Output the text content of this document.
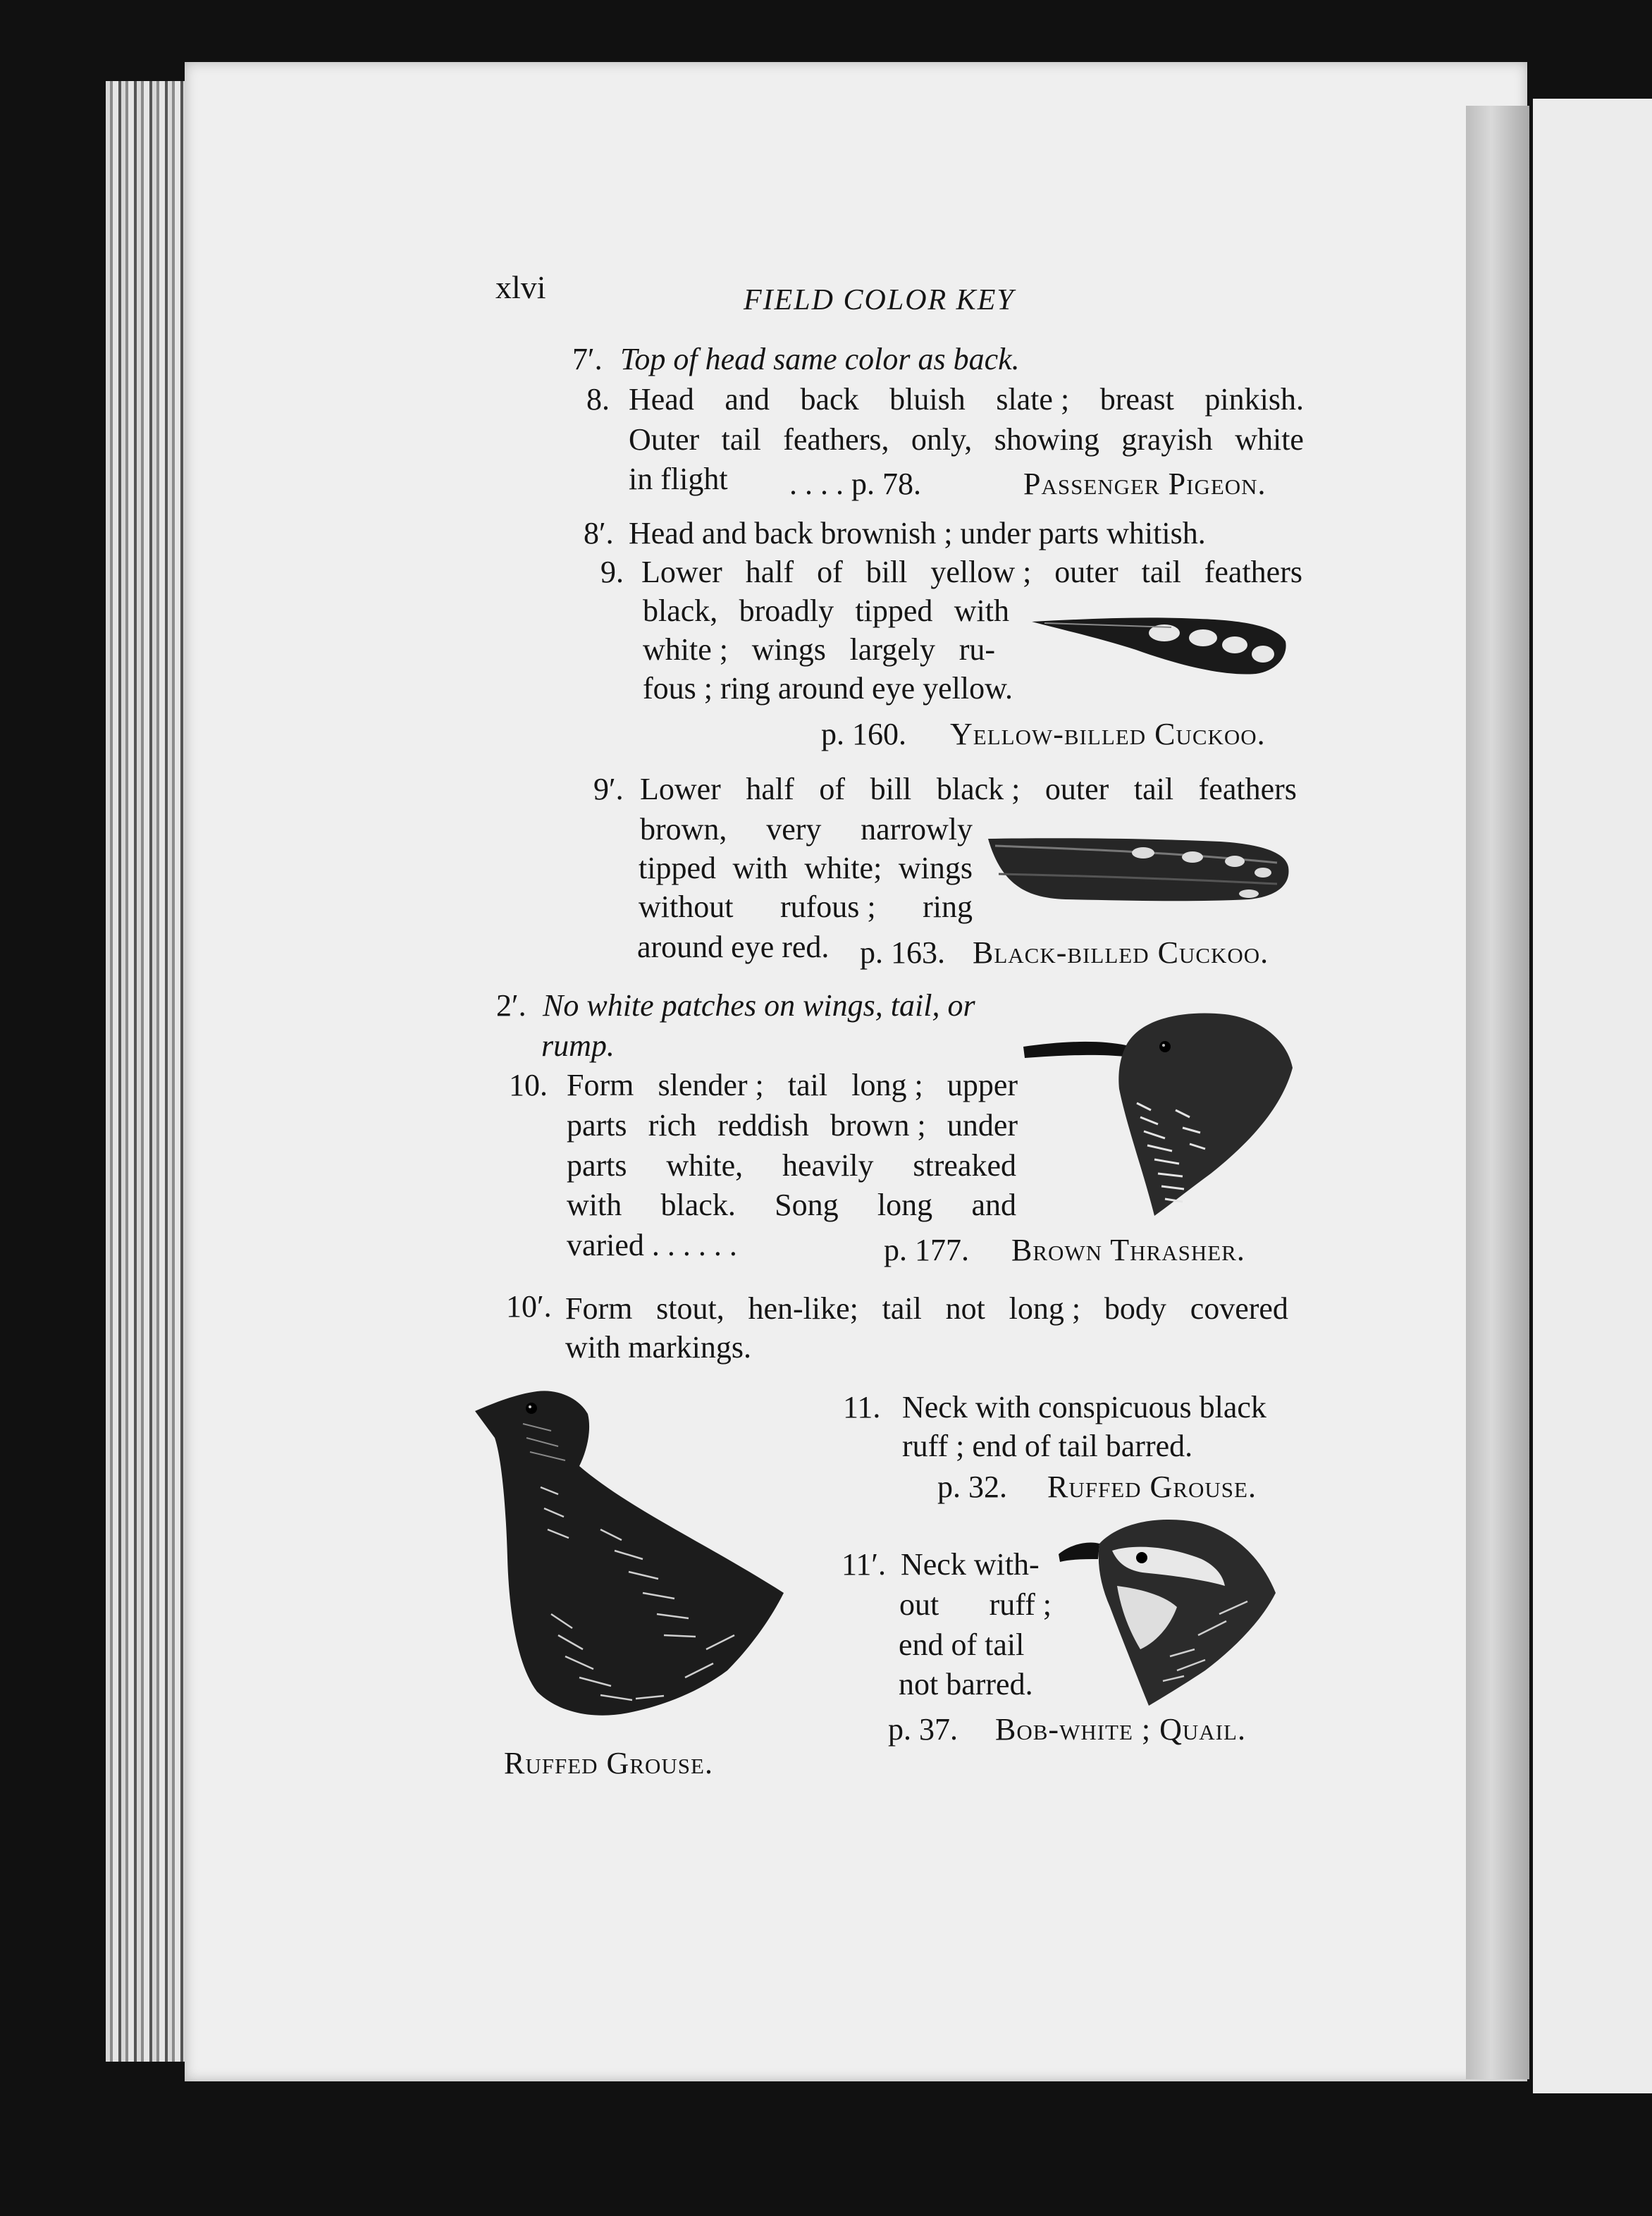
xlvi	FIELD COLOR KEY
7′. Top of head same color as back.
8. Head and back bluish slate ; breast pinkish.
Outer tail feathers, only, showing grayish white
in flight . . . . p. 78.	Passenger Pigeon.
8′. Head and back brownish ; under parts whitish.
9. Lower half of bill yellow ; outer tail feathers
black, broadly tipped with
white ; wings largely ru-
fous ; ring around eye yellow.
p. 160. Yellow-billed Cuckoo.
9′. Lower half of bill black ; outer tail feathers
brown, very narrowly
tipped with white; wings
without rufous ; ring
around eye red. p. 163. Black-billed Cuckoo.
2′. No white patches on wings, tail, or
rump.
10. Form slender ; tail long ; upper
parts rich reddish brown ; under
parts white, heavily streaked
with black. Song long and
varied . . . . . .	p. 177. Brown Thrasher.
10′. Form stout, hen-like; tail not long ; body covered
with markings.
Ruffed Grouse.
11. Neck with conspicuous black
ruff ; end of tail barred.
p. 32. Ruffed Grouse.
11′. Neck with-
out ruff ;
end of tail
not barred.
p. 37. Bob-white ; Quail.
